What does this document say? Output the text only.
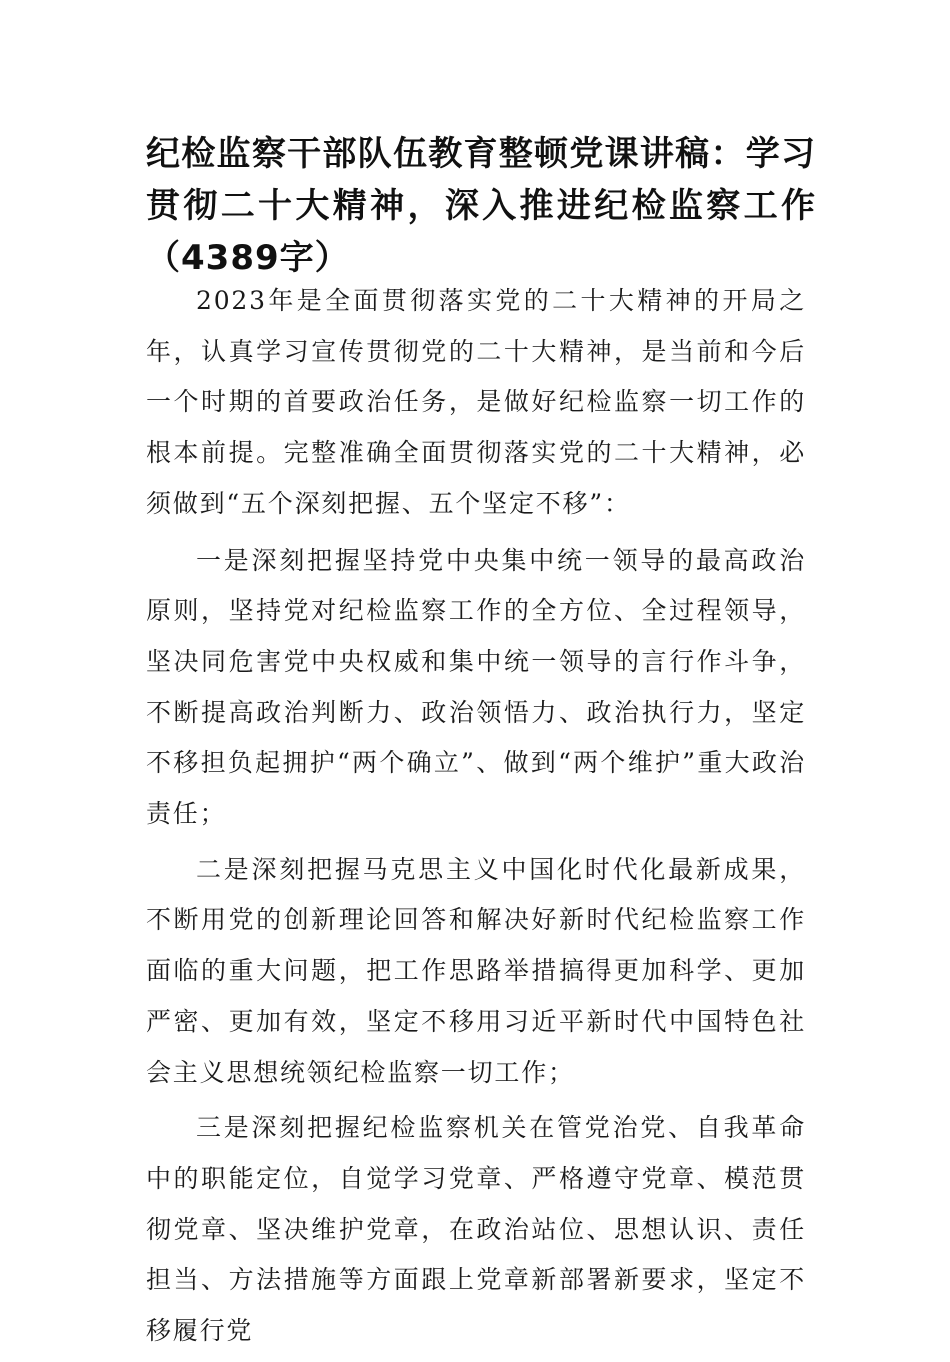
纪检监察干部队伍教育整顿党课讲稿：学习贯彻二十大精神，深入推进纪检监察工作（4389字）

2023年是全面贯彻落实党的二十大精神的开局之年，认真学习宣传贯彻党的二十大精神，是当前和今后一个时期的首要政治任务，是做好纪检监察一切工作的根本前提。完整准确全面贯彻落实党的二十大精神，必须做到“五个深刻把握、五个坚定不移”：

一是深刻把握坚持党中央集中统一领导的最高政治原则，坚持党对纪检监察工作的全方位、全过程领导，坚决同危害党中央权威和集中统一领导的言行作斗争，不断提高政治判断力、政治领悟力、政治执行力，坚定不移担负起拥护“两个确立”、做到“两个维护”重大政治责任；

二是深刻把握马克思主义中国化时代化最新成果，不断用党的创新理论回答和解决好新时代纪检监察工作面临的重大问题，把工作思路举措搞得更加科学、更加严密、更加有效，坚定不移用习近平新时代中国特色社会主义思想统领纪检监察一切工作；

三是深刻把握纪检监察机关在管党治党、自我革命中的职能定位，自觉学习党章、严格遵守党章、模范贯彻党章、坚决维护党章，在政治站位、思想认识、责任担当、方法措施等方面跟上党章新部署新要求，坚定不移履行党
